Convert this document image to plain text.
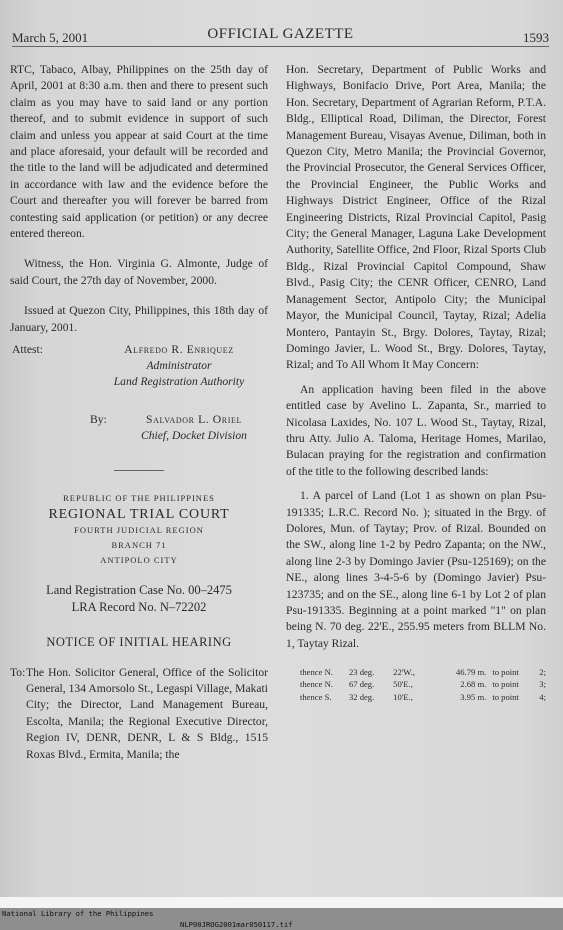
March 5, 2001	OFFICIAL GAZETTE	1593

RTC, Tabaco, Albay, Philippines on the 25th day of April, 2001 at 8:30 a.m. then and there to present such claim as you may have to said land or any portion thereof, and to submit evidence in support of such claim and unless you appear at said Court at the time and place aforesaid, your default will be recorded and the title to the land will be adjudicated and determined in accordance with law and the evidence before the Court and thereafter you will forever be barred from contesting said application (or petition) or any decree entered thereon.

Witness, the Hon. Virginia G. Almonte, Judge of said Court, the 27th day of November, 2000.

Issued at Quezon City, Philippines, this 18th day of January, 2001.

Attest:	Alfredo R. Enriquez
Administrator
Land Registration Authority
By:	Salvador L. Oriel
Chief, Docket Division
REPUBLIC OF THE PHILIPPINES
REGIONAL TRIAL COURT
FOURTH JUDICIAL REGION
BRANCH 71
ANTIPOLO CITY
Land Registration Case No. 00–2475
LRA Record No. N–72202
NOTICE OF INITIAL HEARING
To: The Hon. Solicitor General, Office of the Solicitor General, 134 Amorsolo St., Legaspi Village, Makati City; the Director, Land Management Bureau, Escolta, Manila; the Regional Executive Director, Region IV, DENR, DENR, L & S Bldg., 1515 Roxas Blvd., Ermita, Manila; the

Hon. Secretary, Department of Public Works and Highways, Bonifacio Drive, Port Area, Manila; the Hon. Secretary, Department of Agrarian Reform, P.T.A. Bldg., Elliptical Road, Diliman, the Director, Forest Management Bureau, Visayas Avenue, Diliman, both in Quezon City, Metro Manila; the Provincial Governor, the Provincial Prosecutor, the General Services Officer, the Provincial Engineer, the Public Works and Highways District Engineer, Office of the Rizal Engineering Districts, Rizal Provincial Capitol, Pasig City; the General Manager, Laguna Lake Development Authority, Satellite Office, 2nd Floor, Rizal Sports Club Bldg., Rizal Provincial Capitol Compound, Shaw Blvd., Pasig City; the CENR Officer, CENRO, Land Management Sector, Antipolo City; the Municipal Mayor, the Municipal Council, Taytay, Rizal; Adelia Montero, Pantayin St., Brgy. Dolores, Taytay, Rizal; Domingo Javier, L. Wood St., Brgy. Dolores, Taytay, Rizal; and To All Whom It May Concern:

An application having been filed in the above entitled case by Avelino L. Zapanta, Sr., married to Nicolasa Laxides, No. 107 L. Wood St., Taytay, Rizal, thru Atty. Julio A. Taloma, Heritage Homes, Marilao, Bulacan praying for the registration and confirmation of the title to the following described lands:

1. A parcel of Land (Lot 1 as shown on plan Psu-191335; L.R.C. Record No. ); situated in the Brgy. of Dolores, Mun. of Taytay; Prov. of Rizal. Bounded on the SW., along line 1-2 by Pedro Zapanta; on the NW., along line 2-3 by Domingo Javier (Psu-125169); on the NE., along lines 3-4-5-6 by (Domingo Javier) Psu-123735; and on the SE., along line 6-1 by Lot 2 of plan Psu-191335. Beginning at a point marked "1" on plan being N. 70 deg. 22'E., 255.95 meters from BLLM No. 1, Taytay Rizal.

thence N.	23 deg.	22'W.,	46.79 m. to point	2;
thence N.	67 deg.	50'E.,	2.68 m. to point	3;
thence S.	32 deg.	10'E.,	3.95 m. to point	4;

National Library of the Philippines

NLP00JROG2001mar050117.tif
